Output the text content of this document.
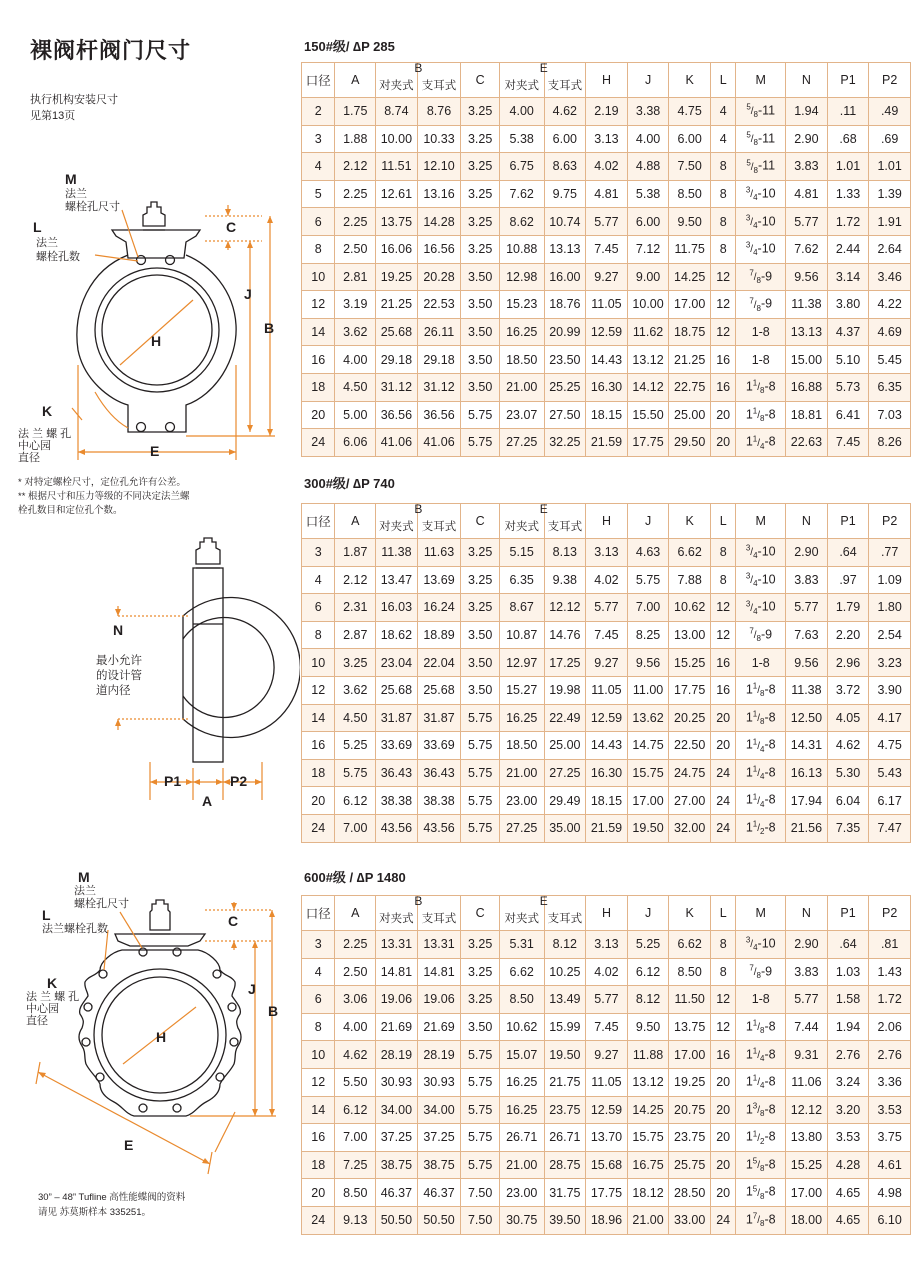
裸阀杆阀门尺寸
执行机构安装尺寸
见第13页
C
J
B
H
E
M
L
K
法兰
螺栓孔尺寸
法兰
螺栓孔数
法 兰 螺 孔
中心园
直径
* 对特定螺栓尺寸，定位孔允许有公差。
** 根据尺寸和压力等级的不同决定法兰螺
栓孔数目和定位孔个数。
N
P1
A
P2
最小允许
的设计管
道内径
C
J
B
H
E
M
L
K
法兰
螺栓孔尺寸
法兰螺栓孔数
法 兰 螺 孔
中心园
直径
30” – 48” Tufline 高性能蝶阀的资料
请见 苏莫斯样本 335251。
150#级/ ∆P 285
口径	A	B
对夹式	支耳式	C	E
对夹式	支耳式	H	J	K	L	M	N	P1	P2
2	1.75	8.74	8.76	3.25	4.00	4.62	2.19	3.38	4.75	4	$^5/_8-11$	1.94	.11	.49
3	1.88	10.00	10.33	3.25	5.38	6.00	3.13	4.00	6.00	4	$^5/_8-11$	2.90	.68	.69
4	2.12	11.51	12.10	3.25	6.75	8.63	4.02	4.88	7.50	8	$^5/_8-11$	3.83	1.01	1.01
5	2.25	12.61	13.16	3.25	7.62	9.75	4.81	5.38	8.50	8	$^3/_4-10$	4.81	1.33	1.39
6	2.25	13.75	14.28	3.25	8.62	10.74	5.77	6.00	9.50	8	$^3/_4-10$	5.77	1.72	1.91
8	2.50	16.06	16.56	3.25	10.88	13.13	7.45	7.12	11.75	8	$^3/_4-10$	7.62	2.44	2.64
10	2.81	19.25	20.28	3.50	12.98	16.00	9.27	9.00	14.25	12	$^7/_8-9$	9.56	3.14	3.46
12	3.19	21.25	22.53	3.50	15.23	18.76	11.05	10.00	17.00	12	$^7/_8-9$	11.38	3.80	4.22
14	3.62	25.68	26.11	3.50	16.25	20.99	12.59	11.62	18.75	12	1-8	13.13	4.37	4.69
16	4.00	29.18	29.18	3.50	18.50	23.50	14.43	13.12	21.25	16	1-8	15.00	5.10	5.45
18	4.50	31.12	31.12	3.50	21.00	25.25	16.30	14.12	22.75	16	$1^1/_8-8$	16.88	5.73	6.35
20	5.00	36.56	36.56	5.75	23.07	27.50	18.15	15.50	25.00	20	$1^1/_8-8$	18.81	6.41	7.03
24	6.06	41.06	41.06	5.75	27.25	32.25	21.59	17.75	29.50	20	$1^1/_4-8$	22.63	7.45	8.26
300#级/ ∆P 740
口径	A	B
对夹式	支耳式	C	E
对夹式	支耳式	H	J	K	L	M	N	P1	P2
3	1.87	11.38	11.63	3.25	5.15	8.13	3.13	4.63	6.62	8	$^3/_4-10$	2.90	.64	.77
4	2.12	13.47	13.69	3.25	6.35	9.38	4.02	5.75	7.88	8	$^3/_4-10$	3.83	.97	1.09
6	2.31	16.03	16.24	3.25	8.67	12.12	5.77	7.00	10.62	12	$^3/_4-10$	5.77	1.79	1.80
8	2.87	18.62	18.89	3.50	10.87	14.76	7.45	8.25	13.00	12	$^7/_8-9$	7.63	2.20	2.54
10	3.25	23.04	22.04	3.50	12.97	17.25	9.27	9.56	15.25	16	1-8	9.56	2.96	3.23
12	3.62	25.68	25.68	3.50	15.27	19.98	11.05	11.00	17.75	16	$1^1/_8-8$	11.38	3.72	3.90
14	4.50	31.87	31.87	5.75	16.25	22.49	12.59	13.62	20.25	20	$1^1/_8-8$	12.50	4.05	4.17
16	5.25	33.69	33.69	5.75	18.50	25.00	14.43	14.75	22.50	20	$1^1/_4-8$	14.31	4.62	4.75
18	5.75	36.43	36.43	5.75	21.00	27.25	16.30	15.75	24.75	24	$1^1/_4-8$	16.13	5.30	5.43
20	6.12	38.38	38.38	5.75	23.00	29.49	18.15	17.00	27.00	24	$1^1/_4-8$	17.94	6.04	6.17
24	7.00	43.56	43.56	5.75	27.25	35.00	21.59	19.50	32.00	24	$1^1/_2-8$	21.56	7.35	7.47
600#级 / ∆P 1480
口径	A	B
对夹式	支耳式	C	E
对夹式	支耳式	H	J	K	L	M	N	P1	P2
3	2.25	13.31	13.31	3.25	5.31	8.12	3.13	5.25	6.62	8	$^3/_4-10$	2.90	.64	.81
4	2.50	14.81	14.81	3.25	6.62	10.25	4.02	6.12	8.50	8	$^7/_8-9$	3.83	1.03	1.43
6	3.06	19.06	19.06	3.25	8.50	13.49	5.77	8.12	11.50	12	1-8	5.77	1.58	1.72
8	4.00	21.69	21.69	3.50	10.62	15.99	7.45	9.50	13.75	12	$1^1/_8-8$	7.44	1.94	2.06
10	4.62	28.19	28.19	5.75	15.07	19.50	9.27	11.88	17.00	16	$1^1/_4-8$	9.31	2.76	2.76
12	5.50	30.93	30.93	5.75	16.25	21.75	11.05	13.12	19.25	20	$1^1/_4-8$	11.06	3.24	3.36
14	6.12	34.00	34.00	5.75	16.25	23.75	12.59	14.25	20.75	20	$1^3/_8-8$	12.12	3.20	3.53
16	7.00	37.25	37.25	5.75	26.71	26.71	13.70	15.75	23.75	20	$1^1/_2-8$	13.80	3.53	3.75
18	7.25	38.75	38.75	5.75	21.00	28.75	15.68	16.75	25.75	20	$1^5/_8-8$	15.25	4.28	4.61
20	8.50	46.37	46.37	7.50	23.00	31.75	17.75	18.12	28.50	20	$1^5/_8-8$	17.00	4.65	4.98
24	9.13	50.50	50.50	7.50	30.75	39.50	18.96	21.00	33.00	24	$1^7/_8-8$	18.00	4.65	6.10
